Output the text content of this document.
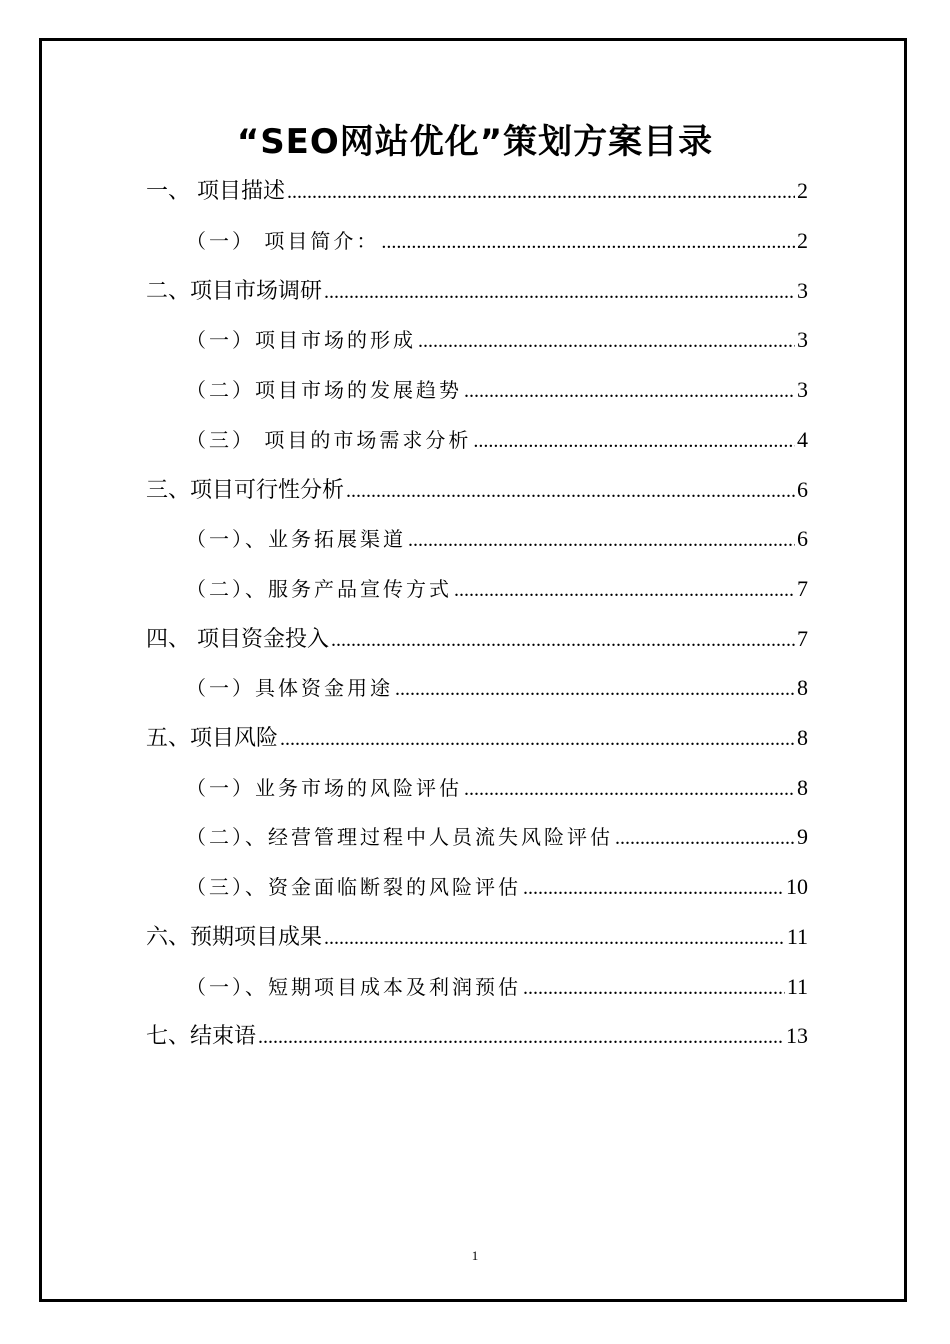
“SEO网站优化”策划方案目录
一、 项目描述 .....	2
（一） 项目简介： .....	2
二、项目市场调研 .....	3
（一）项目市场的形成 .....	3
（二）项目市场的发展趋势 .....	3
（三） 项目的市场需求分析 .....	4
三、项目可行性分析 .....	6
（一）、业务拓展渠道 .....	6
（二）、服务产品宣传方式 .....	7
四、 项目资金投入 .....	7
（一）具体资金用途 .....	8
五、项目风险 .....	8
（一）业务市场的风险评估 .....	8
（二）、经营管理过程中人员流失风险评估 .....	9
（三）、资金面临断裂的风险评估 .....	10
六、预期项目成果 .....	11
（一）、短期项目成本及利润预估 .....	11
七、结束语 .....	13
1
